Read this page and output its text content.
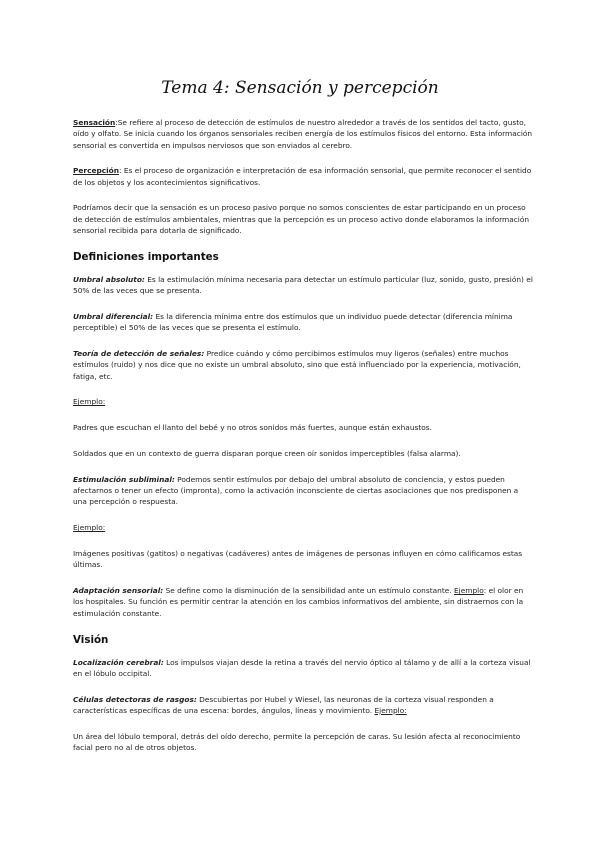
Tema 4: Sensación y percepción

Sensación:Se refiere al proceso de detección de estímulos de nuestro alrededor a través de los sentidos del tacto, gusto, oído y olfato. Se inicia cuando los órganos sensoriales reciben energía de los estímulos físicos del entorno. Esta información sensorial es convertida en impulsos nerviosos que son enviados al cerebro.

Percepción: Es el proceso de organización e interpretación de esa información sensorial, que permite reconocer el sentido de los objetos y los acontecimientos significativos.

Podríamos decir que la sensación es un proceso pasivo porque no somos conscientes de estar participando en un proceso de detección de estímulos ambientales, mientras que la percepción es un proceso activo donde elaboramos la información sensorial recibida para dotarla de significado.

Definiciones importantes

Umbral absoluto: Es la estimulación mínima necesaria para detectar un estímulo particular (luz, sonido, gusto, presión) el 50% de las veces que se presenta.

Umbral diferencial: Es la diferencia mínima entre dos estímulos que un individuo puede detectar (diferencia mínima perceptible) el 50% de las veces que se presenta el estímulo.

Teoría de detección de señales: Predice cuándo y cómo percibimos estímulos muy ligeros (señales) entre muchos estímulos (ruido) y nos dice que no existe un umbral absoluto, sino que está influenciado por la experiencia, motivación, fatiga, etc.

Ejemplo:

Padres que escuchan el llanto del bebé y no otros sonidos más fuertes, aunque están exhaustos.

Soldados que en un contexto de guerra disparan porque creen oír sonidos imperceptibles (falsa alarma).

Estimulación subliminal: Podemos sentir estímulos por debajo del umbral absoluto de conciencia, y estos pueden afectarnos o tener un efecto (impronta), como la activación inconsciente de ciertas asociaciones que nos predisponen a una percepción o respuesta.

Ejemplo:

Imágenes positivas (gatitos) o negativas (cadáveres) antes de imágenes de personas influyen en cómo calificamos estas últimas.

Adaptación sensorial: Se define como la disminución de la sensibilidad ante un estímulo constante. Ejemplo: el olor en los hospitales. Su función es permitir centrar la atención en los cambios informativos del ambiente, sin distraernos con la estimulación constante.

Visión

Localización cerebral: Los impulsos viajan desde la retina a través del nervio óptico al tálamo y de allí a la corteza visual en el lóbulo occipital.

Células detectoras de rasgos: Descubiertas por Hubel y Wiesel, las neuronas de la corteza visual responden a características específicas de una escena: bordes, ángulos, líneas y movimiento. Ejemplo:

Un área del lóbulo temporal, detrás del oído derecho, permite la percepción de caras. Su lesión afecta al reconocimiento facial pero no al de otros objetos.
